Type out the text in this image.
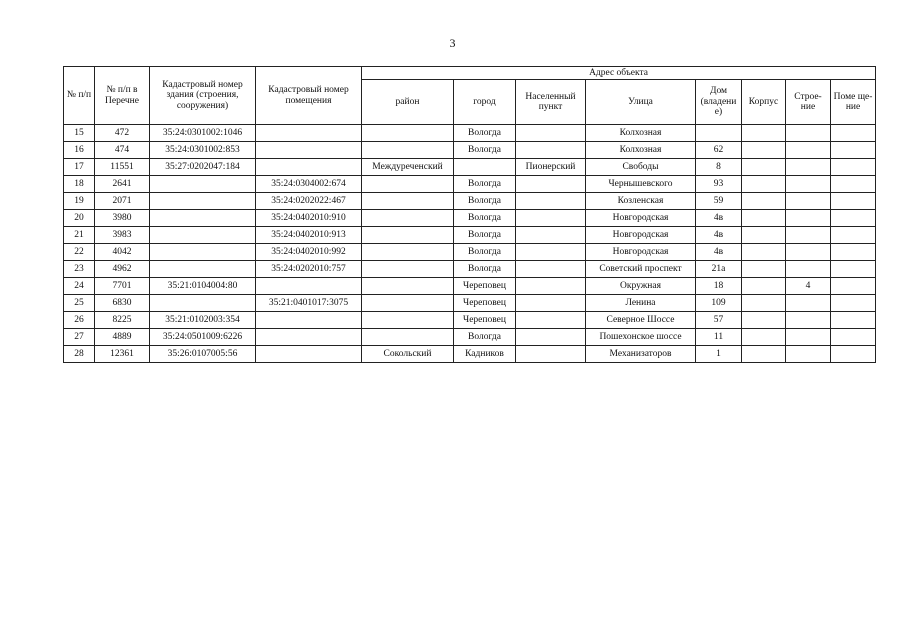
3
№ п/п	№ п/п в Перечне	Кадастровый номер здания (строения, сооружения)	Кадастровый номер помещения	Адрес объекта							
				район	город	Населенный пункт	Улица	Дом (владени е)	Корпус	Строе- ние	Поме ще- ние
15	472	35:24:0301002:1046			Вологда		Колхозная				
16	474	35:24:0301002:853			Вологда		Колхозная	62			
17	11551	35:27:0202047:184		Междуреченский		Пионерский	Свободы	8			
18	2641		35:24:0304002:674		Вологда		Чернышевского	93			
19	2071		35:24:0202022:467		Вологда		Козленская	59			
20	3980		35:24:0402010:910		Вологда		Новгородская	4в			
21	3983		35:24:0402010:913		Вологда		Новгородская	4в			
22	4042		35:24:0402010:992		Вологда		Новгородская	4в			
23	4962		35:24:0202010:757		Вологда		Советский проспект	21а			
24	7701	35:21:0104004:80			Череповец		Окружная	18		4	
25	6830		35:21:0401017:3075		Череповец		Ленина	109			
26	8225	35:21:0102003:354			Череповец		Северное Шоссе	57			
27	4889	35:24:0501009:6226			Вологда		Пошехонское шоссе	11			
28	12361	35:26:0107005:56		Сокольский	Кадников		Механизаторов	1			
